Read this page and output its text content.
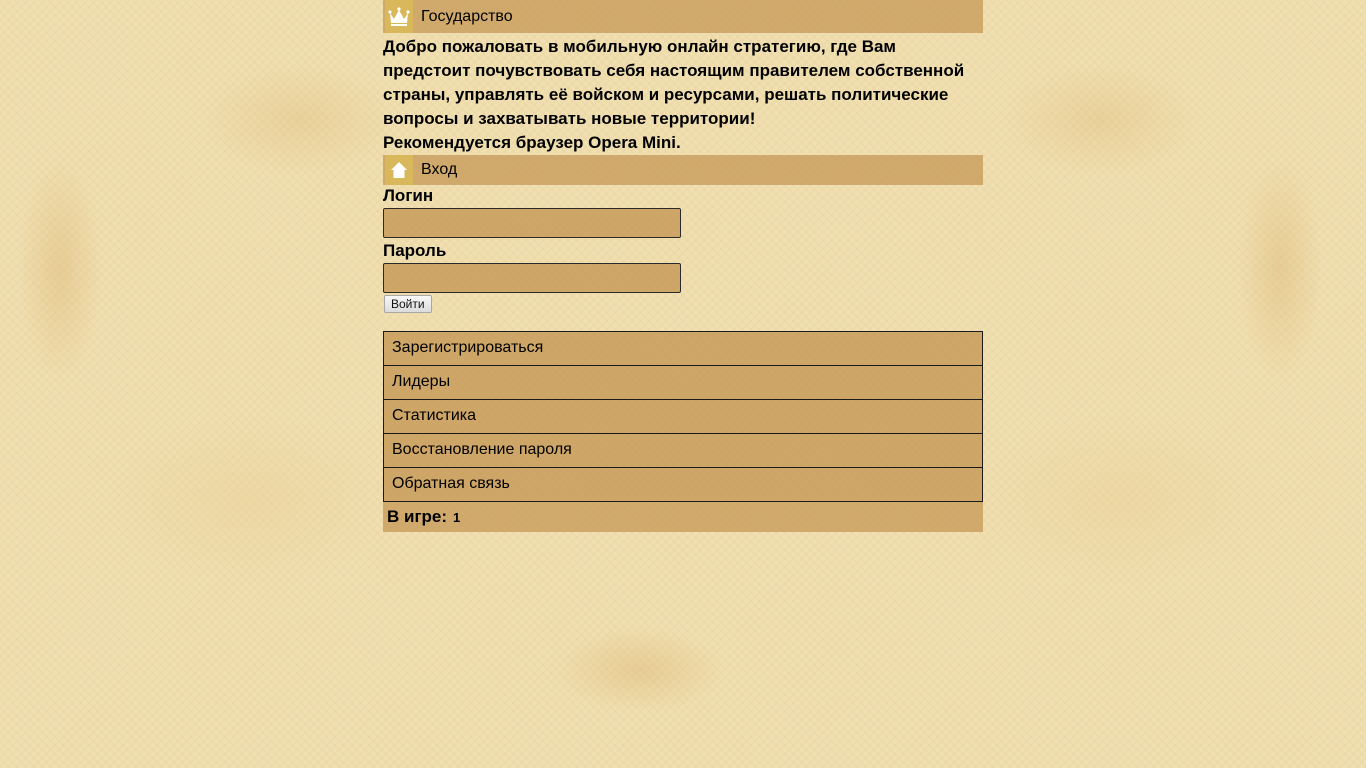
Государство

Добро пожаловать в мобильную онлайн стратегию, где Вам предстоит почувствовать себя настоящим правителем собственной страны, управлять её войском и ресурсами, решать политические вопросы и захватывать новые территории!

Рекомендуется браузер Opera Mini.

Вход
Логин
Пароль
Войти
Зарегистрироваться
Лидеры
Статистика
Восстановление пароля
Обратная связь
В игре: 1
